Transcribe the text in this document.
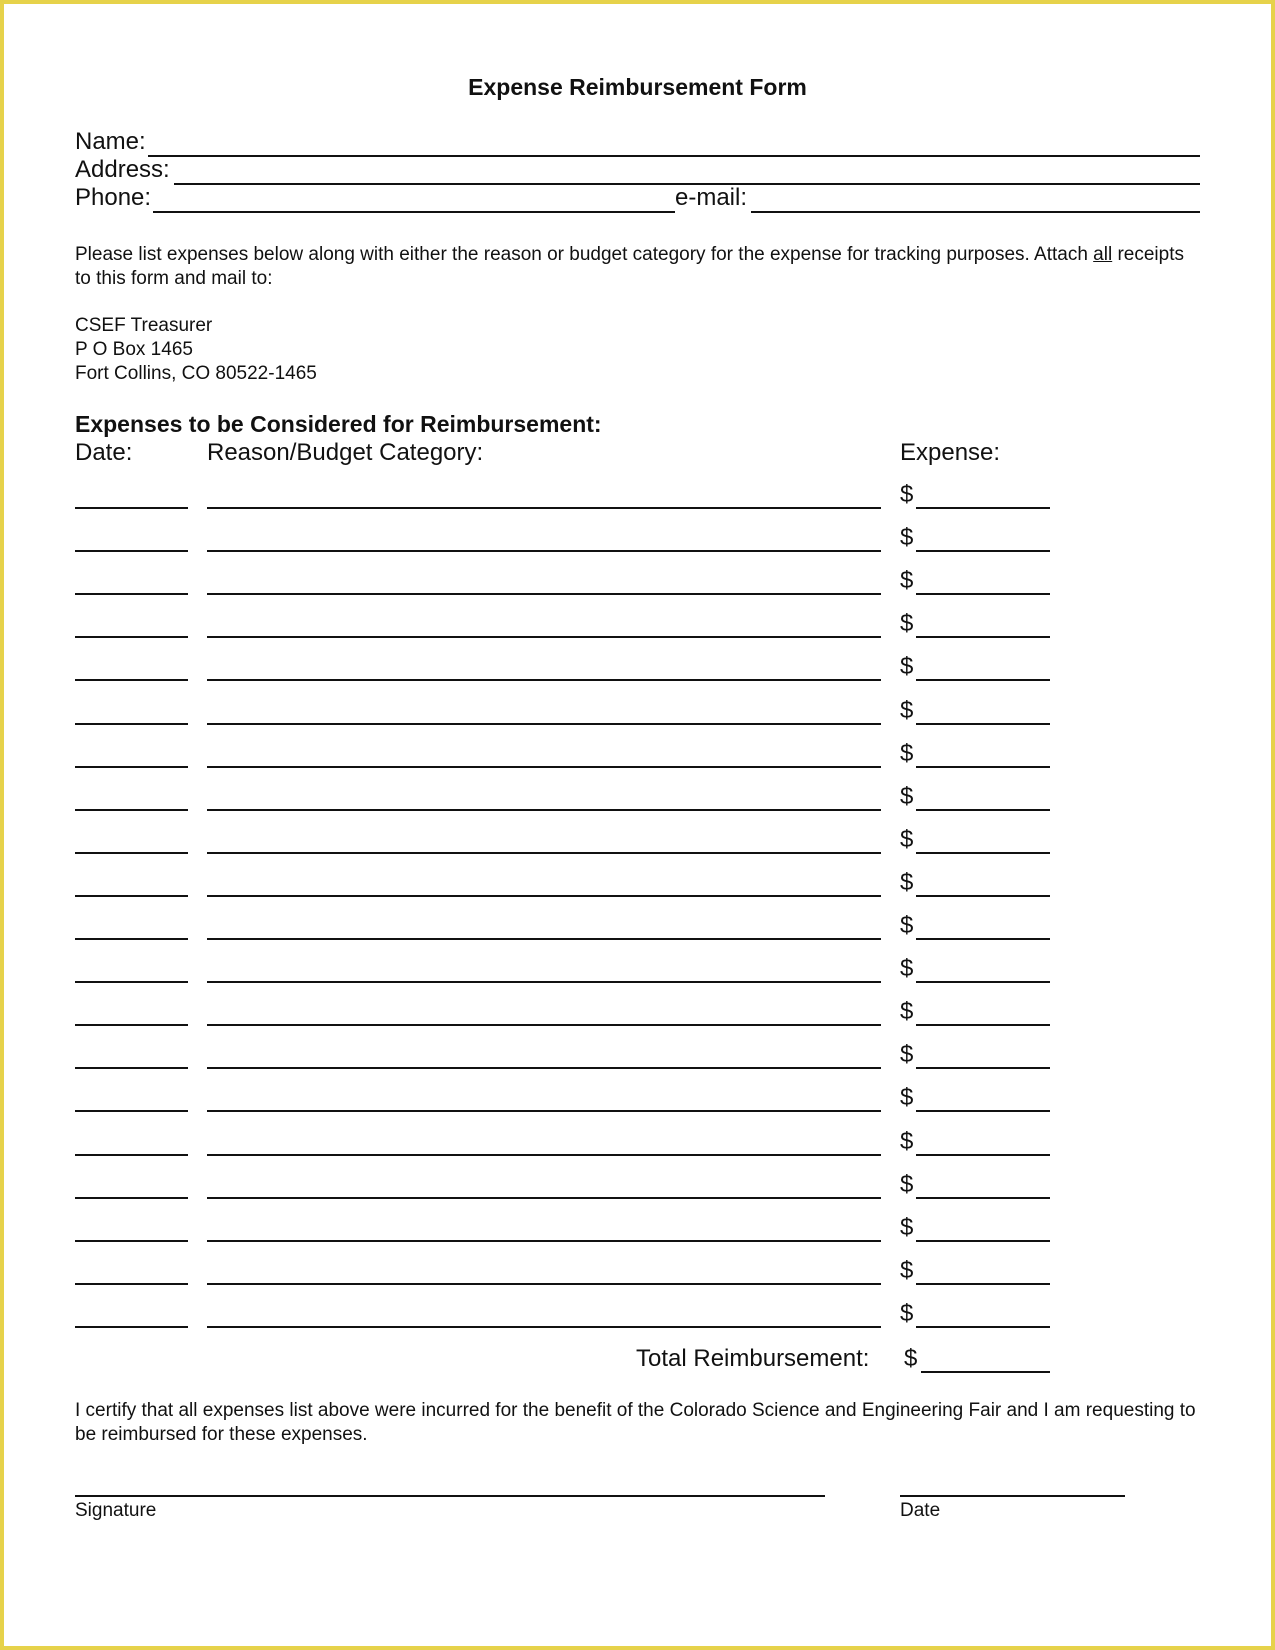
Expense Reimbursement Form
Name:
Address:
Phone:	e-mail:
Please list expenses below along with either the reason or budget category for the expense for tracking purposes. Attach all receipts to this form and mail to:
CSEF Treasurer
P O Box 1465
Fort Collins, CO 80522-1465
Expenses to be Considered for Reimbursement:
Date:	Reason/Budget Category:	Expense:
$
$
$
$
$
$
$
$
$
$
$
$
$
$
$
$
$
$
$
$
Total Reimbursement: $
I certify that all expenses list above were incurred for the benefit of the Colorado Science and Engineering Fair and I am requesting to be reimbursed for these expenses.
Signature	Date
